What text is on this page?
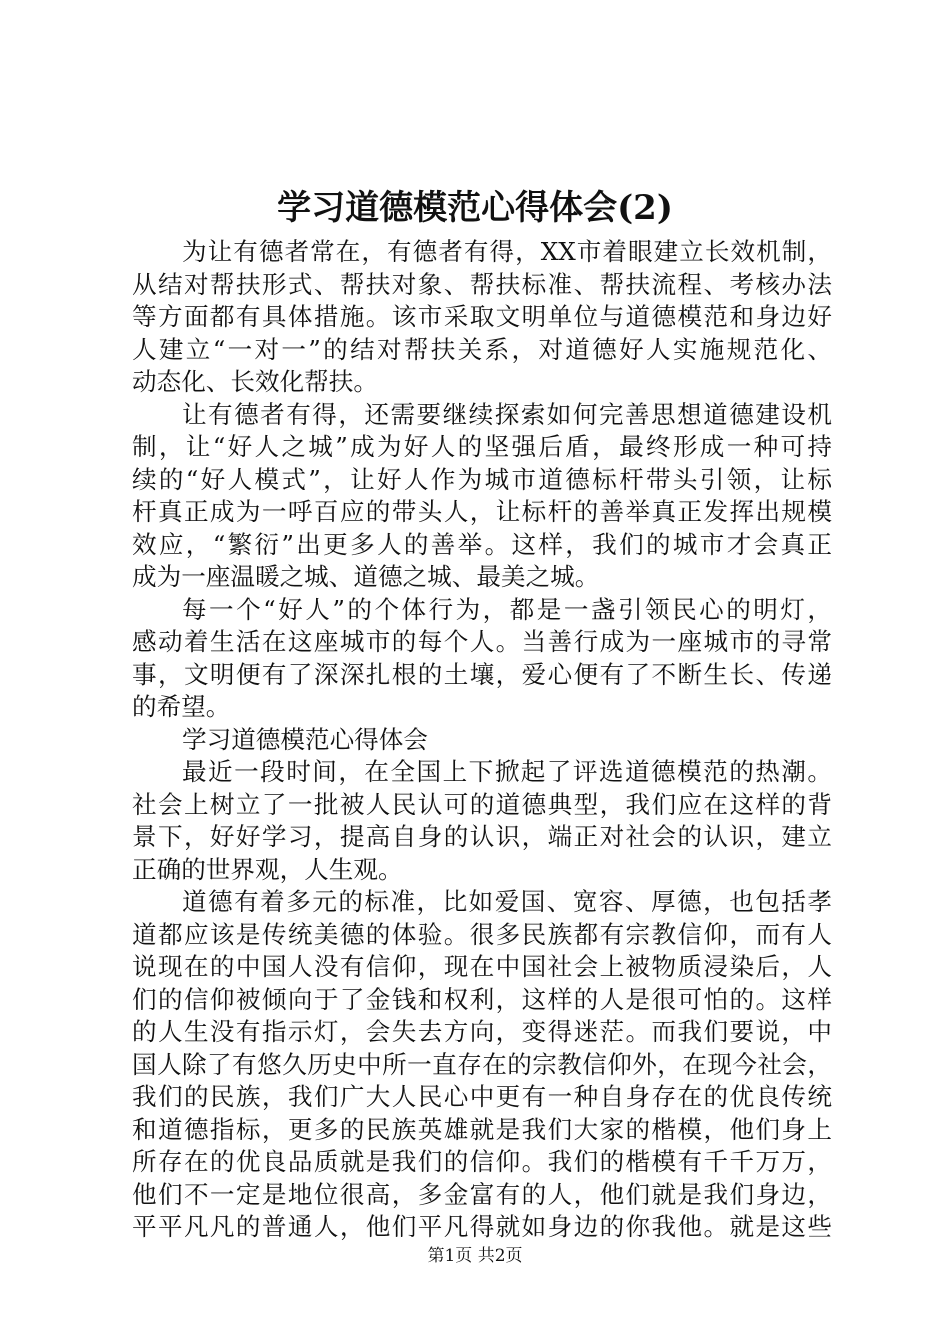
学习道德模范心得体会(2)
为让有德者常在，有德者有得，XX市着眼建立长效机制，
从结对帮扶形式、帮扶对象、帮扶标准、帮扶流程、考核办法
等方面都有具体措施。该市采取文明单位与道德模范和身边好
人建立“一对一”的结对帮扶关系，对道德好人实施规范化、
动态化、长效化帮扶。
让有德者有得，还需要继续探索如何完善思想道德建设机
制，让“好人之城”成为好人的坚强后盾，最终形成一种可持
续的“好人模式”，让好人作为城市道德标杆带头引领，让标
杆真正成为一呼百应的带头人，让标杆的善举真正发挥出规模
效应，“繁衍”出更多人的善举。这样，我们的城市才会真正
成为一座温暖之城、道德之城、最美之城。
每一个“好人”的个体行为，都是一盏引领民心的明灯，
感动着生活在这座城市的每个人。当善行成为一座城市的寻常
事，文明便有了深深扎根的土壤，爱心便有了不断生长、传递
的希望。
学习道德模范心得体会
最近一段时间，在全国上下掀起了评选道德模范的热潮。
社会上树立了一批被人民认可的道德典型，我们应在这样的背
景下，好好学习，提高自身的认识，端正对社会的认识，建立
正确的世界观，人生观。
道德有着多元的标准，比如爱国、宽容、厚德，也包括孝
道都应该是传统美德的体验。很多民族都有宗教信仰，而有人
说现在的中国人没有信仰，现在中国社会上被物质浸染后，人
们的信仰被倾向于了金钱和权利，这样的人是很可怕的。这样
的人生没有指示灯，会失去方向，变得迷茫。而我们要说，中
国人除了有悠久历史中所一直存在的宗教信仰外，在现今社会，
我们的民族，我们广大人民心中更有一种自身存在的优良传统
和道德指标，更多的民族英雄就是我们大家的楷模，他们身上
所存在的优良品质就是我们的信仰。我们的楷模有千千万万，
他们不一定是地位很高，多金富有的人，他们就是我们身边，
平平凡凡的普通人，他们平凡得就如身边的你我他。就是这些
第1页 共2页
